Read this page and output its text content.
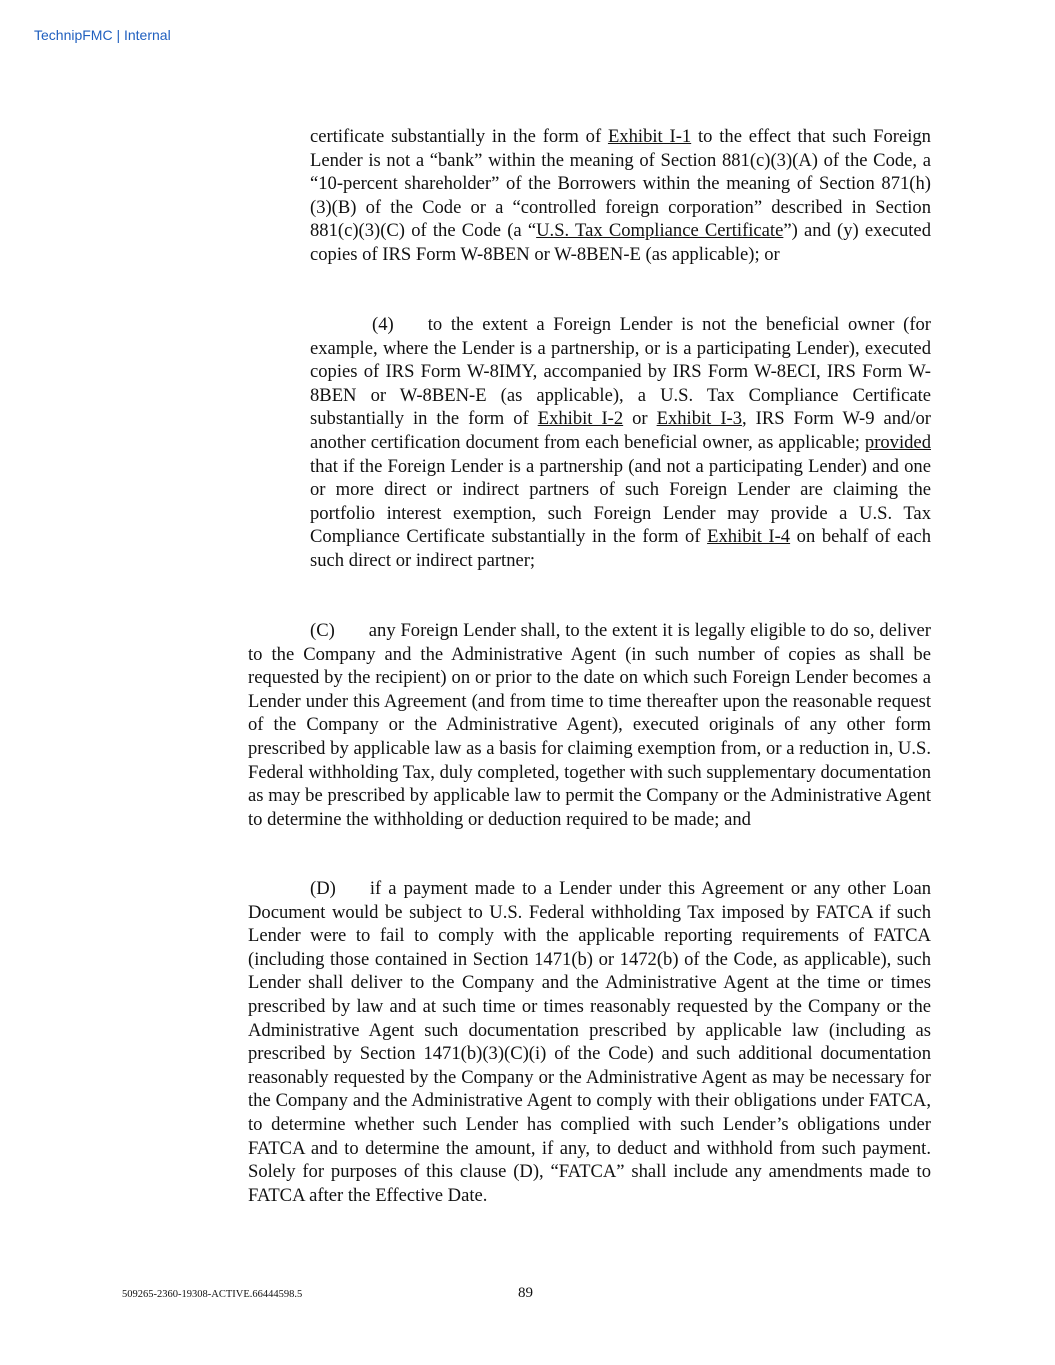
TechnipFMC | Internal
certificate substantially in the form of Exhibit I-1 to the effect that such Foreign Lender is not a “bank” within the meaning of Section 881(c)(3)(A) of the Code, a “10-percent shareholder” of the Borrowers within the meaning of Section 871(h)(3)(B) of the Code or a “controlled foreign corporation” described in Section 881(c)(3)(C) of the Code (a “U.S. Tax Compliance Certificate”) and (y) executed copies of IRS Form W-8BEN or W-8BEN-E (as applicable); or
(4) to the extent a Foreign Lender is not the beneficial owner (for example, where the Lender is a partnership, or is a participating Lender), executed copies of IRS Form W-8IMY, accompanied by IRS Form W-8ECI, IRS Form W-8BEN or W-8BEN-E (as applicable), a U.S. Tax Compliance Certificate substantially in the form of Exhibit I-2 or Exhibit I-3, IRS Form W-9 and/or another certification document from each beneficial owner, as applicable; provided that if the Foreign Lender is a partnership (and not a participating Lender) and one or more direct or indirect partners of such Foreign Lender are claiming the portfolio interest exemption, such Foreign Lender may provide a U.S. Tax Compliance Certificate substantially in the form of Exhibit I-4 on behalf of each such direct or indirect partner;
(C) any Foreign Lender shall, to the extent it is legally eligible to do so, deliver to the Company and the Administrative Agent (in such number of copies as shall be requested by the recipient) on or prior to the date on which such Foreign Lender becomes a Lender under this Agreement (and from time to time thereafter upon the reasonable request of the Company or the Administrative Agent), executed originals of any other form prescribed by applicable law as a basis for claiming exemption from, or a reduction in, U.S. Federal withholding Tax, duly completed, together with such supplementary documentation as may be prescribed by applicable law to permit the Company or the Administrative Agent to determine the withholding or deduction required to be made; and
(D) if a payment made to a Lender under this Agreement or any other Loan Document would be subject to U.S. Federal withholding Tax imposed by FATCA if such Lender were to fail to comply with the applicable reporting requirements of FATCA (including those contained in Section 1471(b) or 1472(b) of the Code, as applicable), such Lender shall deliver to the Company and the Administrative Agent at the time or times prescribed by law and at such time or times reasonably requested by the Company or the Administrative Agent such documentation prescribed by applicable law (including as prescribed by Section 1471(b)(3)(C)(i) of the Code) and such additional documentation reasonably requested by the Company or the Administrative Agent as may be necessary for the Company and the Administrative Agent to comply with their obligations under FATCA, to determine whether such Lender has complied with such Lender’s obligations under FATCA and to determine the amount, if any, to deduct and withhold from such payment. Solely for purposes of this clause (D), “FATCA” shall include any amendments made to FATCA after the Effective Date.
509265-2360-19308-ACTIVE.66444598.5	89
